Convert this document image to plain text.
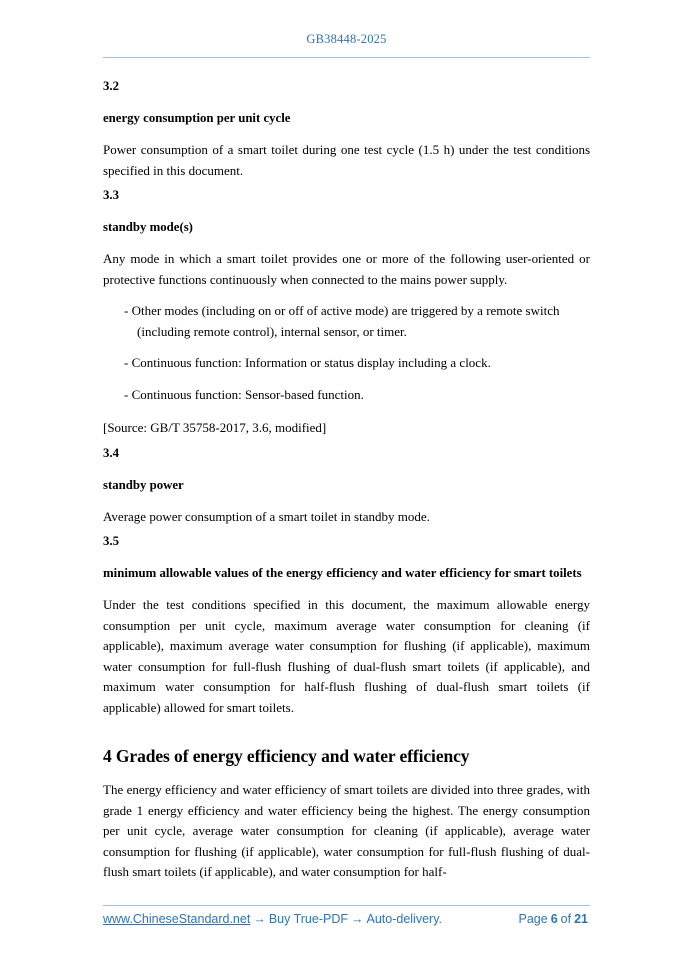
GB38448-2025
3.2
energy consumption per unit cycle

Power consumption of a smart toilet during one test cycle (1.5 h) under the test conditions specified in this document.

3.3
standby mode(s)

Any mode in which a smart toilet provides one or more of the following user-oriented or protective functions continuously when connected to the mains power supply.

- Other modes (including on or off of active mode) are triggered by a remote switch (including remote control), internal sensor, or timer.
- Continuous function: Information or status display including a clock.
- Continuous function: Sensor-based function.
[Source: GB/T 35758-2017, 3.6, modified]
3.4
standby power

Average power consumption of a smart toilet in standby mode.

3.5
minimum allowable values of the energy efficiency and water efficiency for smart toilets

Under the test conditions specified in this document, the maximum allowable energy consumption per unit cycle, maximum average water consumption for cleaning (if applicable), maximum average water consumption for flushing (if applicable), maximum water consumption for full-flush flushing of dual-flush smart toilets (if applicable), and maximum water consumption for half-flush flushing of dual-flush smart toilets (if applicable) allowed for smart toilets.

4 Grades of energy efficiency and water efficiency

The energy efficiency and water efficiency of smart toilets are divided into three grades, with grade 1 energy efficiency and water efficiency being the highest. The energy consumption per unit cycle, average water consumption for cleaning (if applicable), average water consumption for flushing (if applicable), water consumption for full-flush flushing of dual-flush smart toilets (if applicable), and water consumption for half-

www.ChineseStandard.net → Buy True-PDF → Auto-delivery.	Page 6 of 21
